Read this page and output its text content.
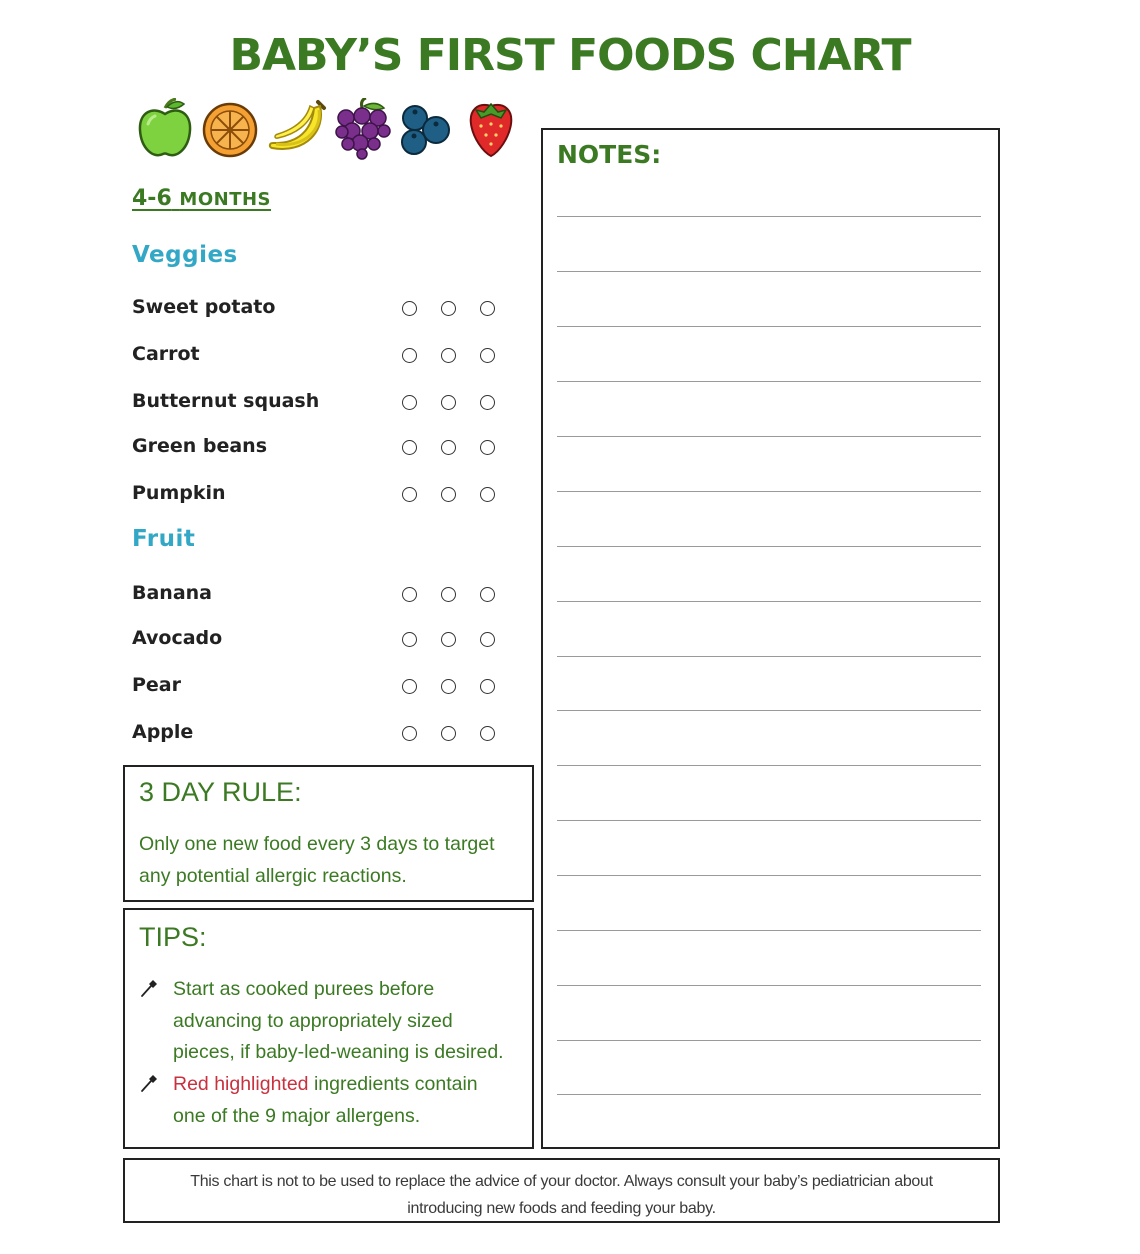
BABY’S FIRST FOODS CHART
4-6 MONTHS
Veggies
Sweet potato
Carrot
Butternut squash
Green beans
Pumpkin
Fruit
Banana
Avocado
Pear
Apple
3 DAY RULE:
Only one new food every 3 days to target
any potential allergic reactions.
TIPS:
Start as cooked purees before
advancing to appropriately sized
pieces, if baby-led-weaning is desired.
Red highlighted ingredients contain
one of the 9 major allergens.
NOTES:
This chart is not to be used to replace the advice of your doctor. Always consult your baby’s pediatrician about
introducing new foods and feeding your baby.
